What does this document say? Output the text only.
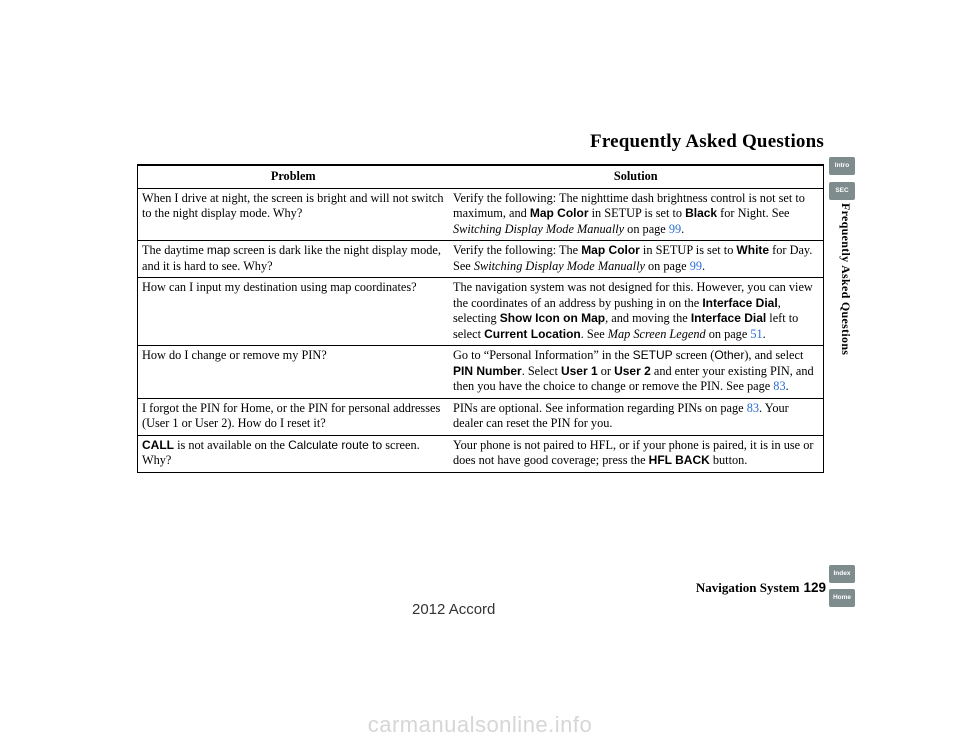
Frequently Asked Questions
Problem	Solution
When I drive at night, the screen is bright and will not switch to the night display mode. Why?	Verify the following: The nighttime dash brightness control is not set to maximum, and Map Color in SETUP is set to Black for Night. See Switching Display Mode Manually on page 99.
The daytime map screen is dark like the night display mode, and it is hard to see. Why?	Verify the following: The Map Color in SETUP is set to White for Day. See Switching Display Mode Manually on page 99.
How can I input my destination using map coordinates?	The navigation system was not designed for this. However, you can view the coordinates of an address by pushing in on the Interface Dial, selecting Show Icon on Map, and moving the Interface Dial left to select Current Location. See Map Screen Legend on page 51.
How do I change or remove my PIN?	Go to “Personal Information” in the SETUP screen (Other), and select PIN Number. Select User 1 or User 2 and enter your existing PIN, and then you have the choice to change or remove the PIN. See page 83.
I forgot the PIN for Home, or the PIN for personal addresses (User 1 or User 2). How do I reset it?	PINs are optional. See information regarding PINs on page 83. Your dealer can reset the PIN for you.
CALL is not available on the Calculate route to screen. Why?	Your phone is not paired to HFL, or if your phone is paired, it is in use or does not have good coverage; press the HFL BACK button.
Intro
SEC
Index
Home
Frequently Asked Questions
Navigation System 129
2012 Accord
carmanualsonline.info
